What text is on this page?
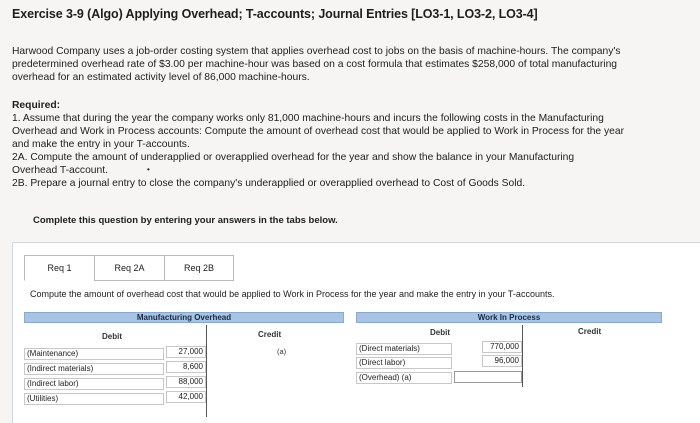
Exercise 3-9 (Algo) Applying Overhead; T-accounts; Journal Entries [LO3-1, LO3-2, LO3-4]
Harwood Company uses a job-order costing system that applies overhead cost to jobs on the basis of machine-hours. The company's
predetermined overhead rate of $3.00 per machine-hour was based on a cost formula that estimates $258,000 of total manufacturing
overhead for an estimated activity level of 86,000 machine-hours.
Required:
1. Assume that during the year the company works only 81,000 machine-hours and incurs the following costs in the Manufacturing
Overhead and Work in Process accounts: Compute the amount of overhead cost that would be applied to Work in Process for the year
and make the entry in your T-accounts.
2A. Compute the amount of underapplied or overapplied overhead for the year and show the balance in your Manufacturing
Overhead T-account.
2B. Prepare a journal entry to close the company's underapplied or overapplied overhead to Cost of Goods Sold.
•
Complete this question by entering your answers in the tabs below.
Req 1	Req 2A	Req 2B
Compute the amount of overhead cost that would be applied to Work in Process for the year and make the entry in your T-accounts.
Manufacturing Overhead
Debit	Credit
(a)
(Maintenance)	27,000
(Indirect materials)	8,600
(Indirect labor)	88,000
(Utilities)	42,000
Work In Process
Debit	Credit
(Direct materials)	770,000
(Direct labor)	96,000
(Overhead) (a)
